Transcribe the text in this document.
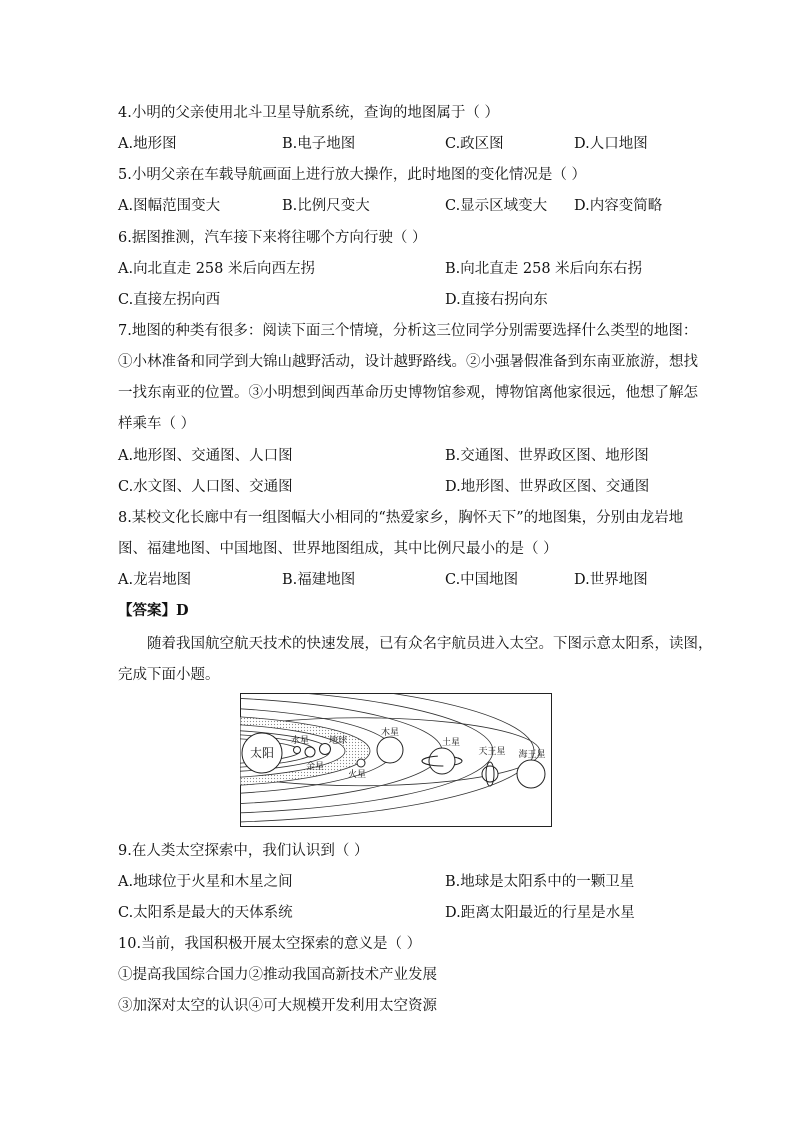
4.小明的父亲使用北斗卫星导航系统，查询的地图属于（ ）
A.地形图	B.电子地图	C.政区图	D.人口地图
5.小明父亲在车载导航画面上进行放大操作，此时地图的变化情况是（ ）
A.图幅范围变大	B.比例尺变大	C.显示区域变大 D.内容变简略
6.据图推测，汽车接下来将往哪个方向行驶（ ）
A.向北直走 258 米后向西左拐	B.向北直走 258 米后向东右拐
C.直接左拐向西	D.直接右拐向东
7.地图的种类有很多：阅读下面三个情境，分析这三位同学分别需要选择什么类型的地图：
①小林准备和同学到大锦山越野活动，设计越野路线。②小强暑假准备到东南亚旅游，想找
一找东南亚的位置。③小明想到闽西革命历史博物馆参观，博物馆离他家很远，他想了解怎
样乘车（ ）
A.地形图、交通图、人口图	B.交通图、世界政区图、地形图
C.水文图、人口图、交通图	D.地形图、世界政区图、交通图
8.某校文化长廊中有一组图幅大小相同的“热爱家乡，胸怀天下”的地图集，分别由龙岩地
图、福建地图、中国地图、世界地图组成，其中比例尺最小的是（ ）
A.龙岩地图	B.福建地图	C.中国地图	D.世界地图
【答案】D
随着我国航空航天技术的快速发展，已有众名宇航员进入太空。下图示意太阳系，读图，
完成下面小题。
太阳
水星
金星
地球
火星
木星
土星
天王星 海王星
9.在人类太空探索中，我们认识到（ ）
A.地球位于火星和木星之间	B.地球是太阳系中的一颗卫星
C.太阳系是最大的天体系统	D.距离太阳最近的行星是水星
10.当前，我国积极开展太空探索的意义是（ ）
①提高我国综合国力②推动我国高新技术产业发展
③加深对太空的认识④可大规模开发利用太空资源
